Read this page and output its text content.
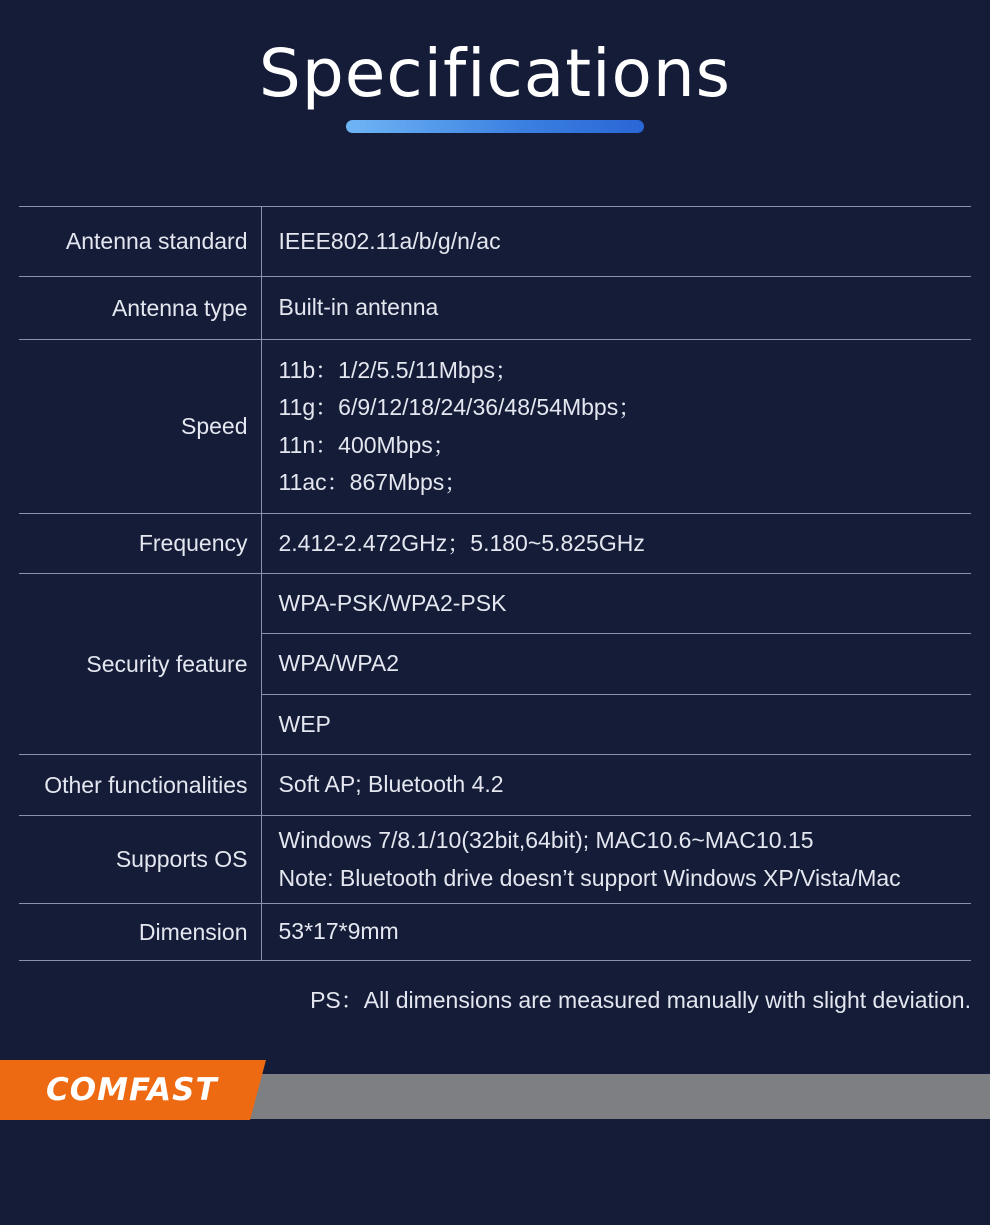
Specifications
Antenna standard	IEEE802.11a/b/g/n/ac

Antenna type	Built-in antenna

Speed	11b：1/2/5.5/11Mbps；
11g：6/9/12/18/24/36/48/54Mbps；
11n：400Mbps；
11ac：867Mbps；

Frequency	2.412-2.472GHz；5.180~5.825GHz

Security feature	WPA-PSK/WPA2-PSK

	WPA/WPA2

	WEP

Other functionalities	Soft AP; Bluetooth 4.2

Supports OS	Windows 7/8.1/10(32bit,64bit); MAC10.6~MAC10.15
Note: Bluetooth drive doesn’t support Windows XP/Vista/Mac

Dimension	53*17*9mm
PS：All dimensions are measured manually with slight deviation.
COMFAST
